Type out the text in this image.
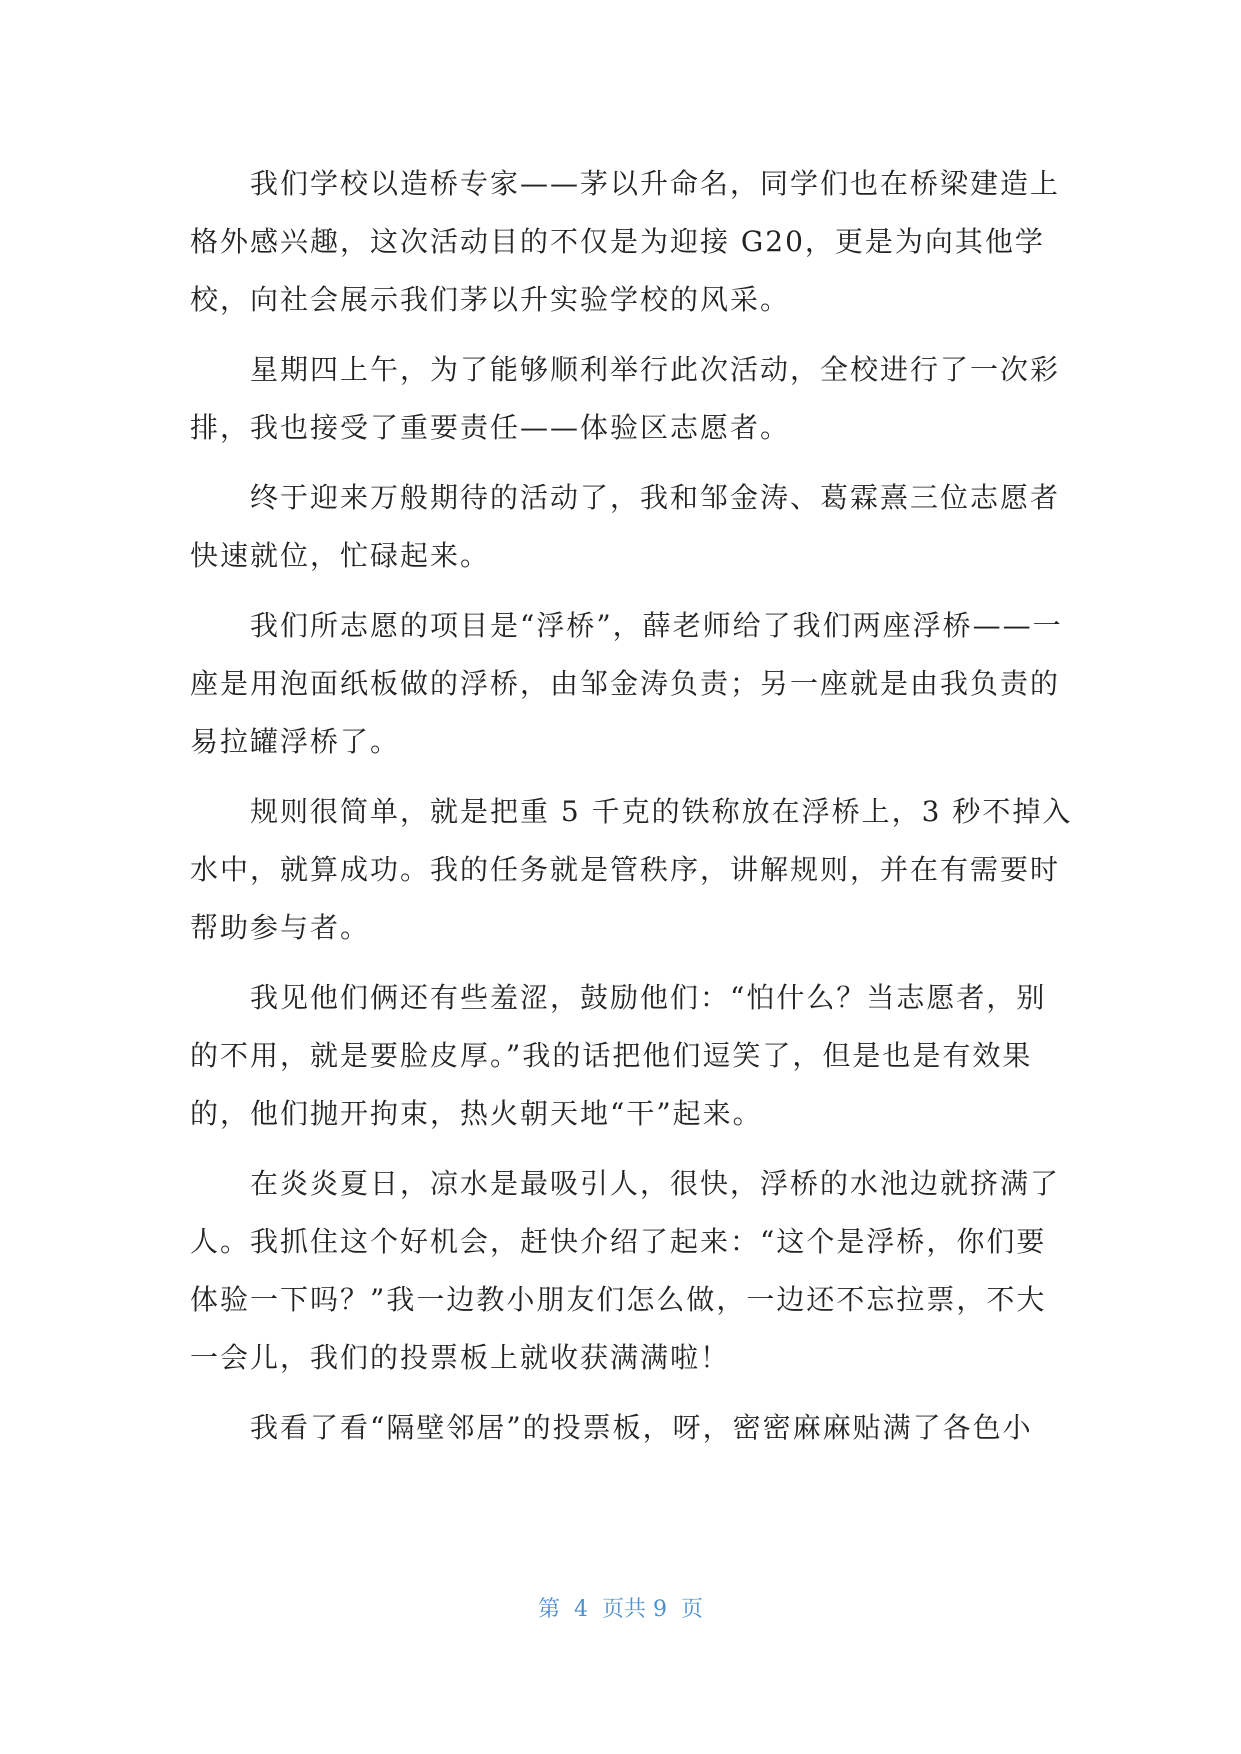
我们学校以造桥专家——茅以升命名，同学们也在桥梁建造上
格外感兴趣，这次活动目的不仅是为迎接 G20，更是为向其他学
校，向社会展示我们茅以升实验学校的风采。
星期四上午，为了能够顺利举行此次活动，全校进行了一次彩
排，我也接受了重要责任——体验区志愿者。
终于迎来万般期待的活动了，我和邹金涛、葛霖熹三位志愿者
快速就位，忙碌起来。
我们所志愿的项目是“浮桥”，薛老师给了我们两座浮桥——一
座是用泡面纸板做的浮桥，由邹金涛负责；另一座就是由我负责的
易拉罐浮桥了。
规则很简单，就是把重 5 千克的铁称放在浮桥上，3 秒不掉入
水中，就算成功。我的任务就是管秩序，讲解规则，并在有需要时
帮助参与者。
我见他们俩还有些羞涩，鼓励他们：“怕什么？当志愿者，别
的不用，就是要脸皮厚。”我的话把他们逗笑了，但是也是有效果
的，他们抛开拘束，热火朝天地“干”起来。
在炎炎夏日，凉水是最吸引人，很快，浮桥的水池边就挤满了
人。我抓住这个好机会，赶快介绍了起来：“这个是浮桥，你们要
体验一下吗？”我一边教小朋友们怎么做，一边还不忘拉票，不大
一会儿，我们的投票板上就收获满满啦！
我看了看“隔壁邻居”的投票板，呀，密密麻麻贴满了各色小
第  4  页共 9  页
